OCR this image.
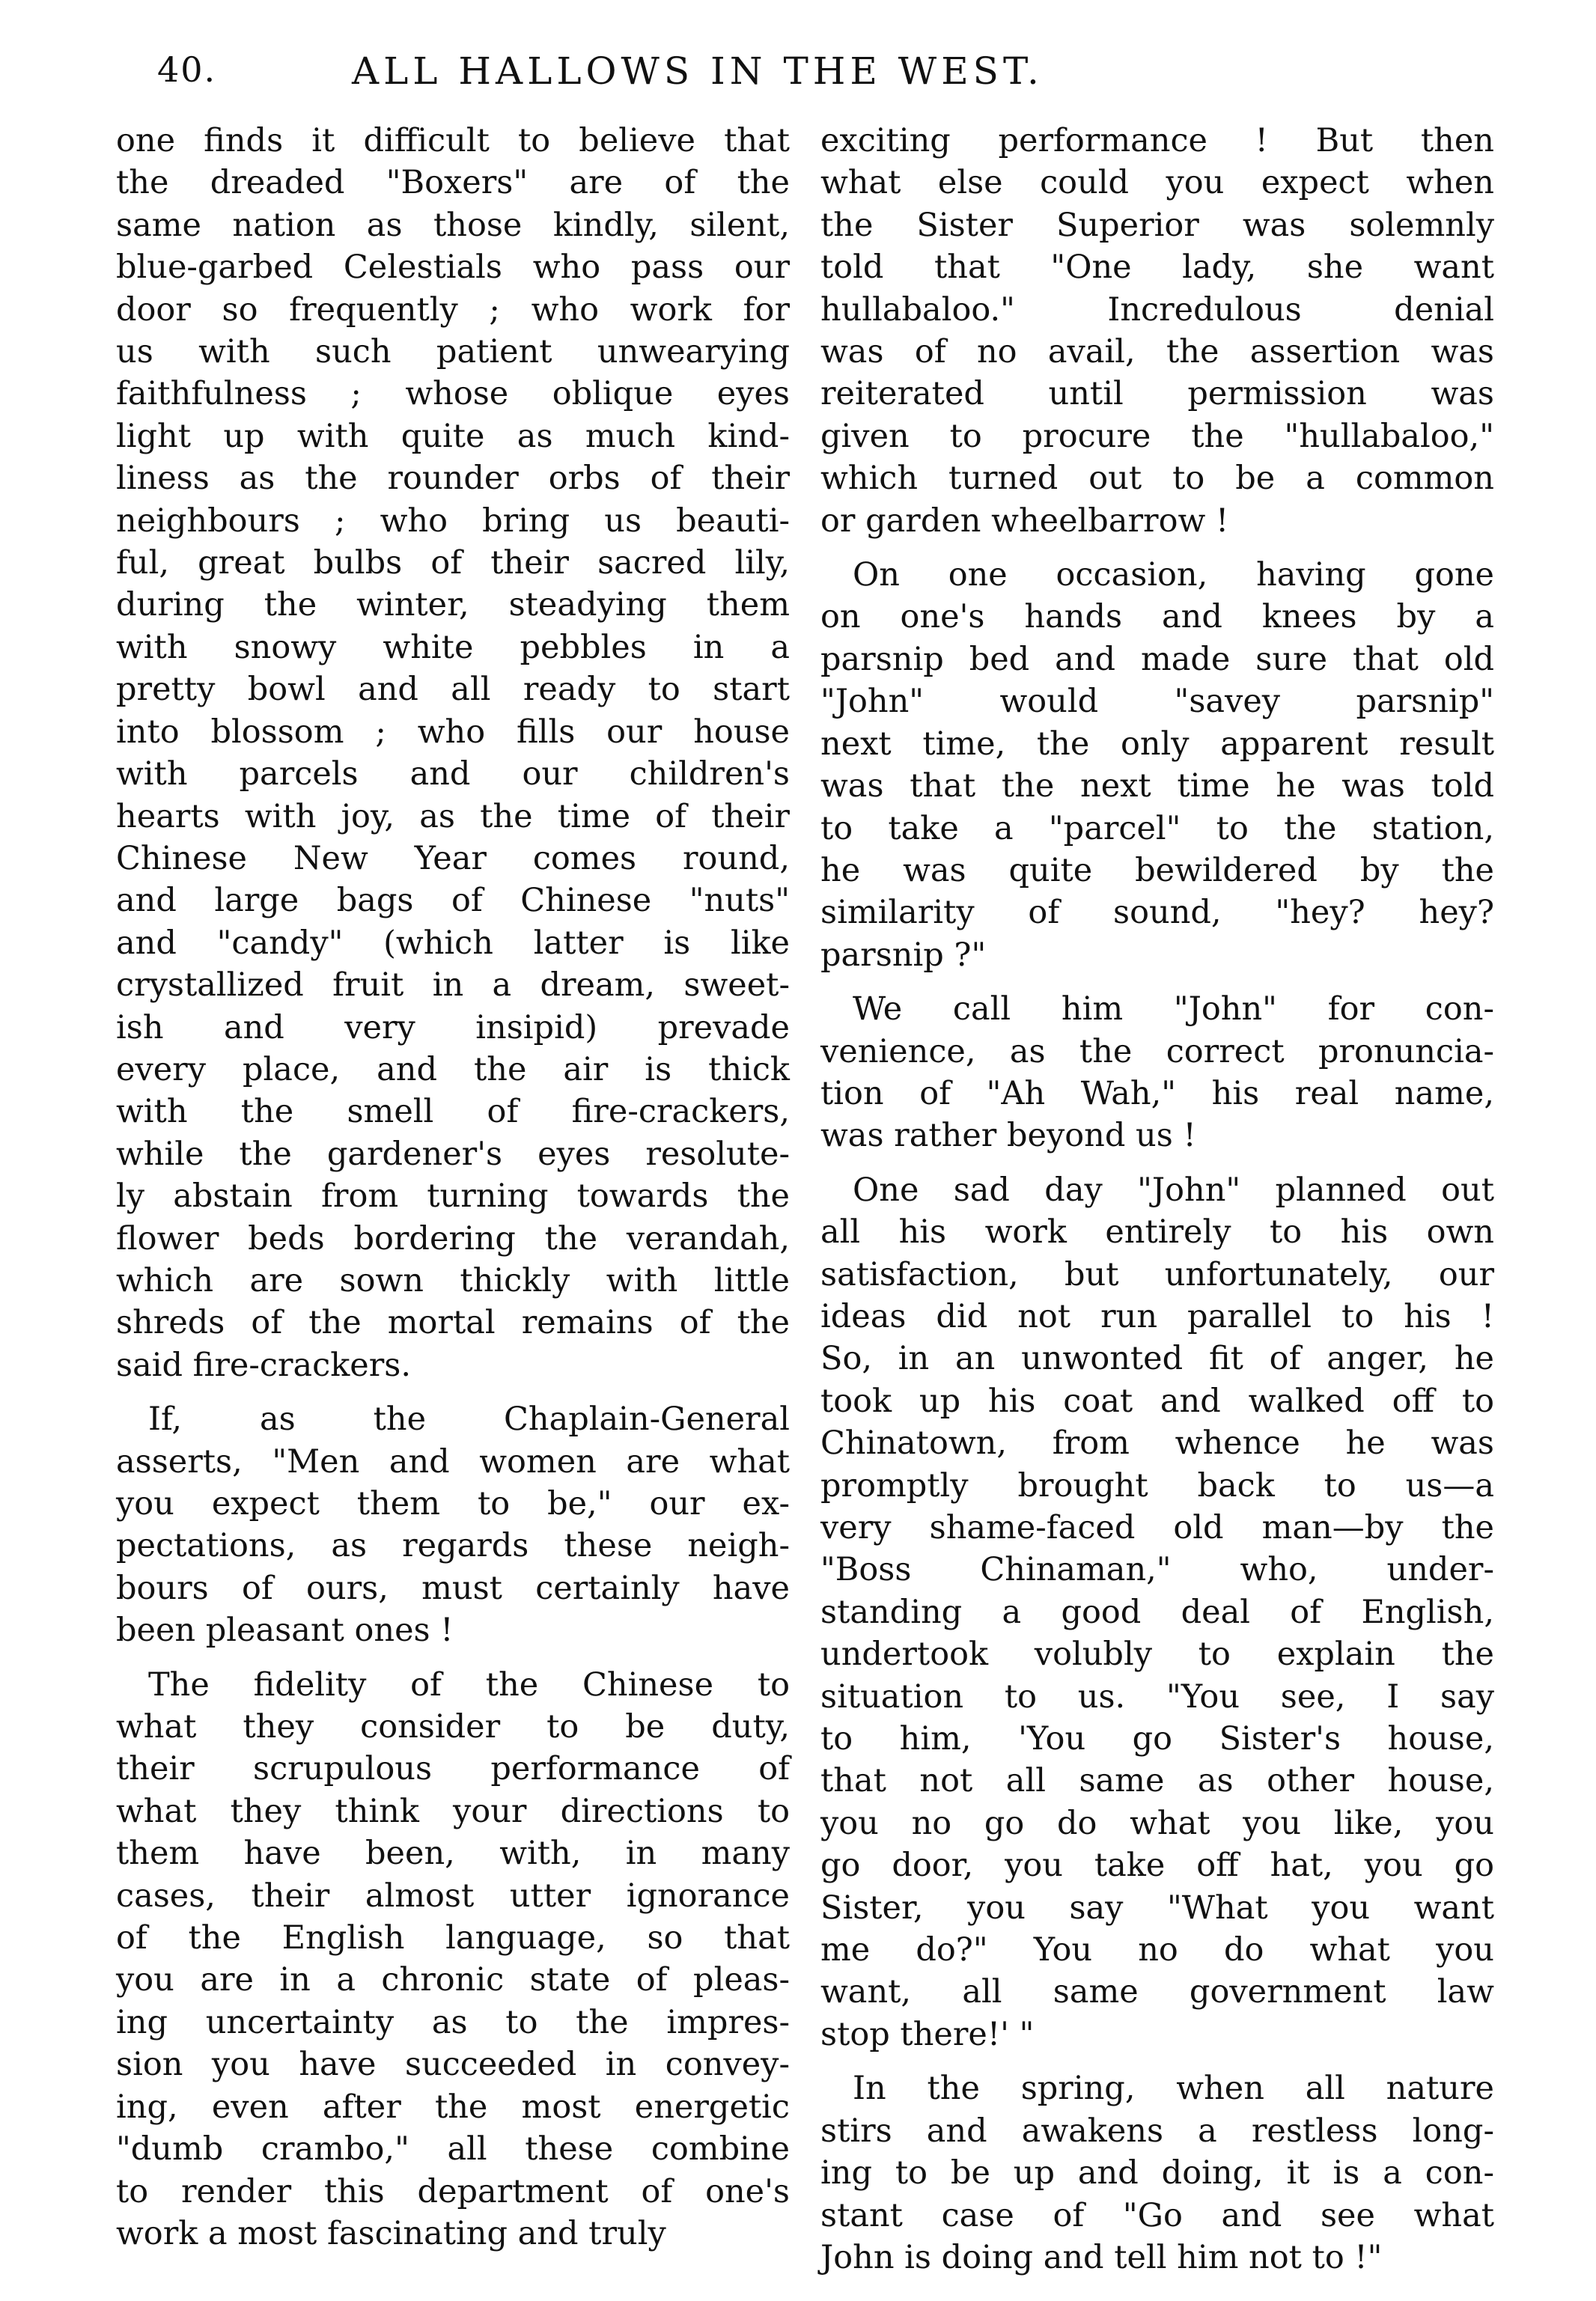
40.	ALL HALLOWS IN THE WEST.
one finds it difficult to believe that
the dreaded "Boxers" are of the
same nation as those kindly, silent,
blue-garbed Celestials who pass our
door so frequently ; who work for
us with such patient unwearying
faithfulness ; whose oblique eyes
light up with quite as much kind-
liness as the rounder orbs of their
neighbours ; who bring us beauti-
ful, great bulbs of their sacred lily,
during the winter, steadying them
with snowy white pebbles in a
pretty bowl and all ready to start
into blossom ; who fills our house
with parcels and our children's
hearts with joy, as the time of their
Chinese New Year comes round,
and large bags of Chinese "nuts"
and "candy" (which latter is like
crystallized fruit in a dream, sweet-
ish and very insipid) prevade
every place, and the air is thick
with the smell of fire-crackers,
while the gardener's eyes resolute-
ly abstain from turning towards the
flower beds bordering the verandah,
which are sown thickly with little
shreds of the mortal remains of the
said fire-crackers.
 If, as the Chaplain-General
asserts, "Men and women are what
you expect them to be," our ex-
pectations, as regards these neigh-
bours of ours, must certainly have
been pleasant ones !
 The fidelity of the Chinese to
what they consider to be duty,
their scrupulous performance of
what they think your directions to
them have been, with, in many
cases, their almost utter ignorance
of the English language, so that
you are in a chronic state of pleas-
ing uncertainty as to the impres-
sion you have succeeded in convey-
ing, even after the most energetic
"dumb crambo," all these combine
to render this department of one's
work a most fascinating and truly
exciting performance ! But then
what else could you expect when
the Sister Superior was solemnly
told that "One lady, she want
hullabaloo." Incredulous denial
was of no avail, the assertion was
reiterated until permission was
given to procure the "hullabaloo,"
which turned out to be a common
or garden wheelbarrow !
 On one occasion, having gone
on one's hands and knees by a
parsnip bed and made sure that old
"John" would "savey parsnip"
next time, the only apparent result
was that the next time he was told
to take a "parcel" to the station,
he was quite bewildered by the
similarity of sound, "hey? hey?
parsnip ?"
 We call him "John" for con-
venience, as the correct pronuncia-
tion of "Ah Wah," his real name,
was rather beyond us !
 One sad day "John" planned out
all his work entirely to his own
satisfaction, but unfortunately, our
ideas did not run parallel to his !
So, in an unwonted fit of anger, he
took up his coat and walked off to
Chinatown, from whence he was
promptly brought back to us—a
very shame-faced old man—by the
"Boss Chinaman," who, under-
standing a good deal of English,
undertook volubly to explain the
situation to us. "You see, I say
to him, 'You go Sister's house,
that not all same as other house,
you no go do what you like, you
go door, you take off hat, you go
Sister, you say "What you want
me do?" You no do what you
want, all same government law
stop there!' "
 In the spring, when all nature
stirs and awakens a restless long-
ing to be up and doing, it is a con-
stant case of "Go and see what
John is doing and tell him not to !"
